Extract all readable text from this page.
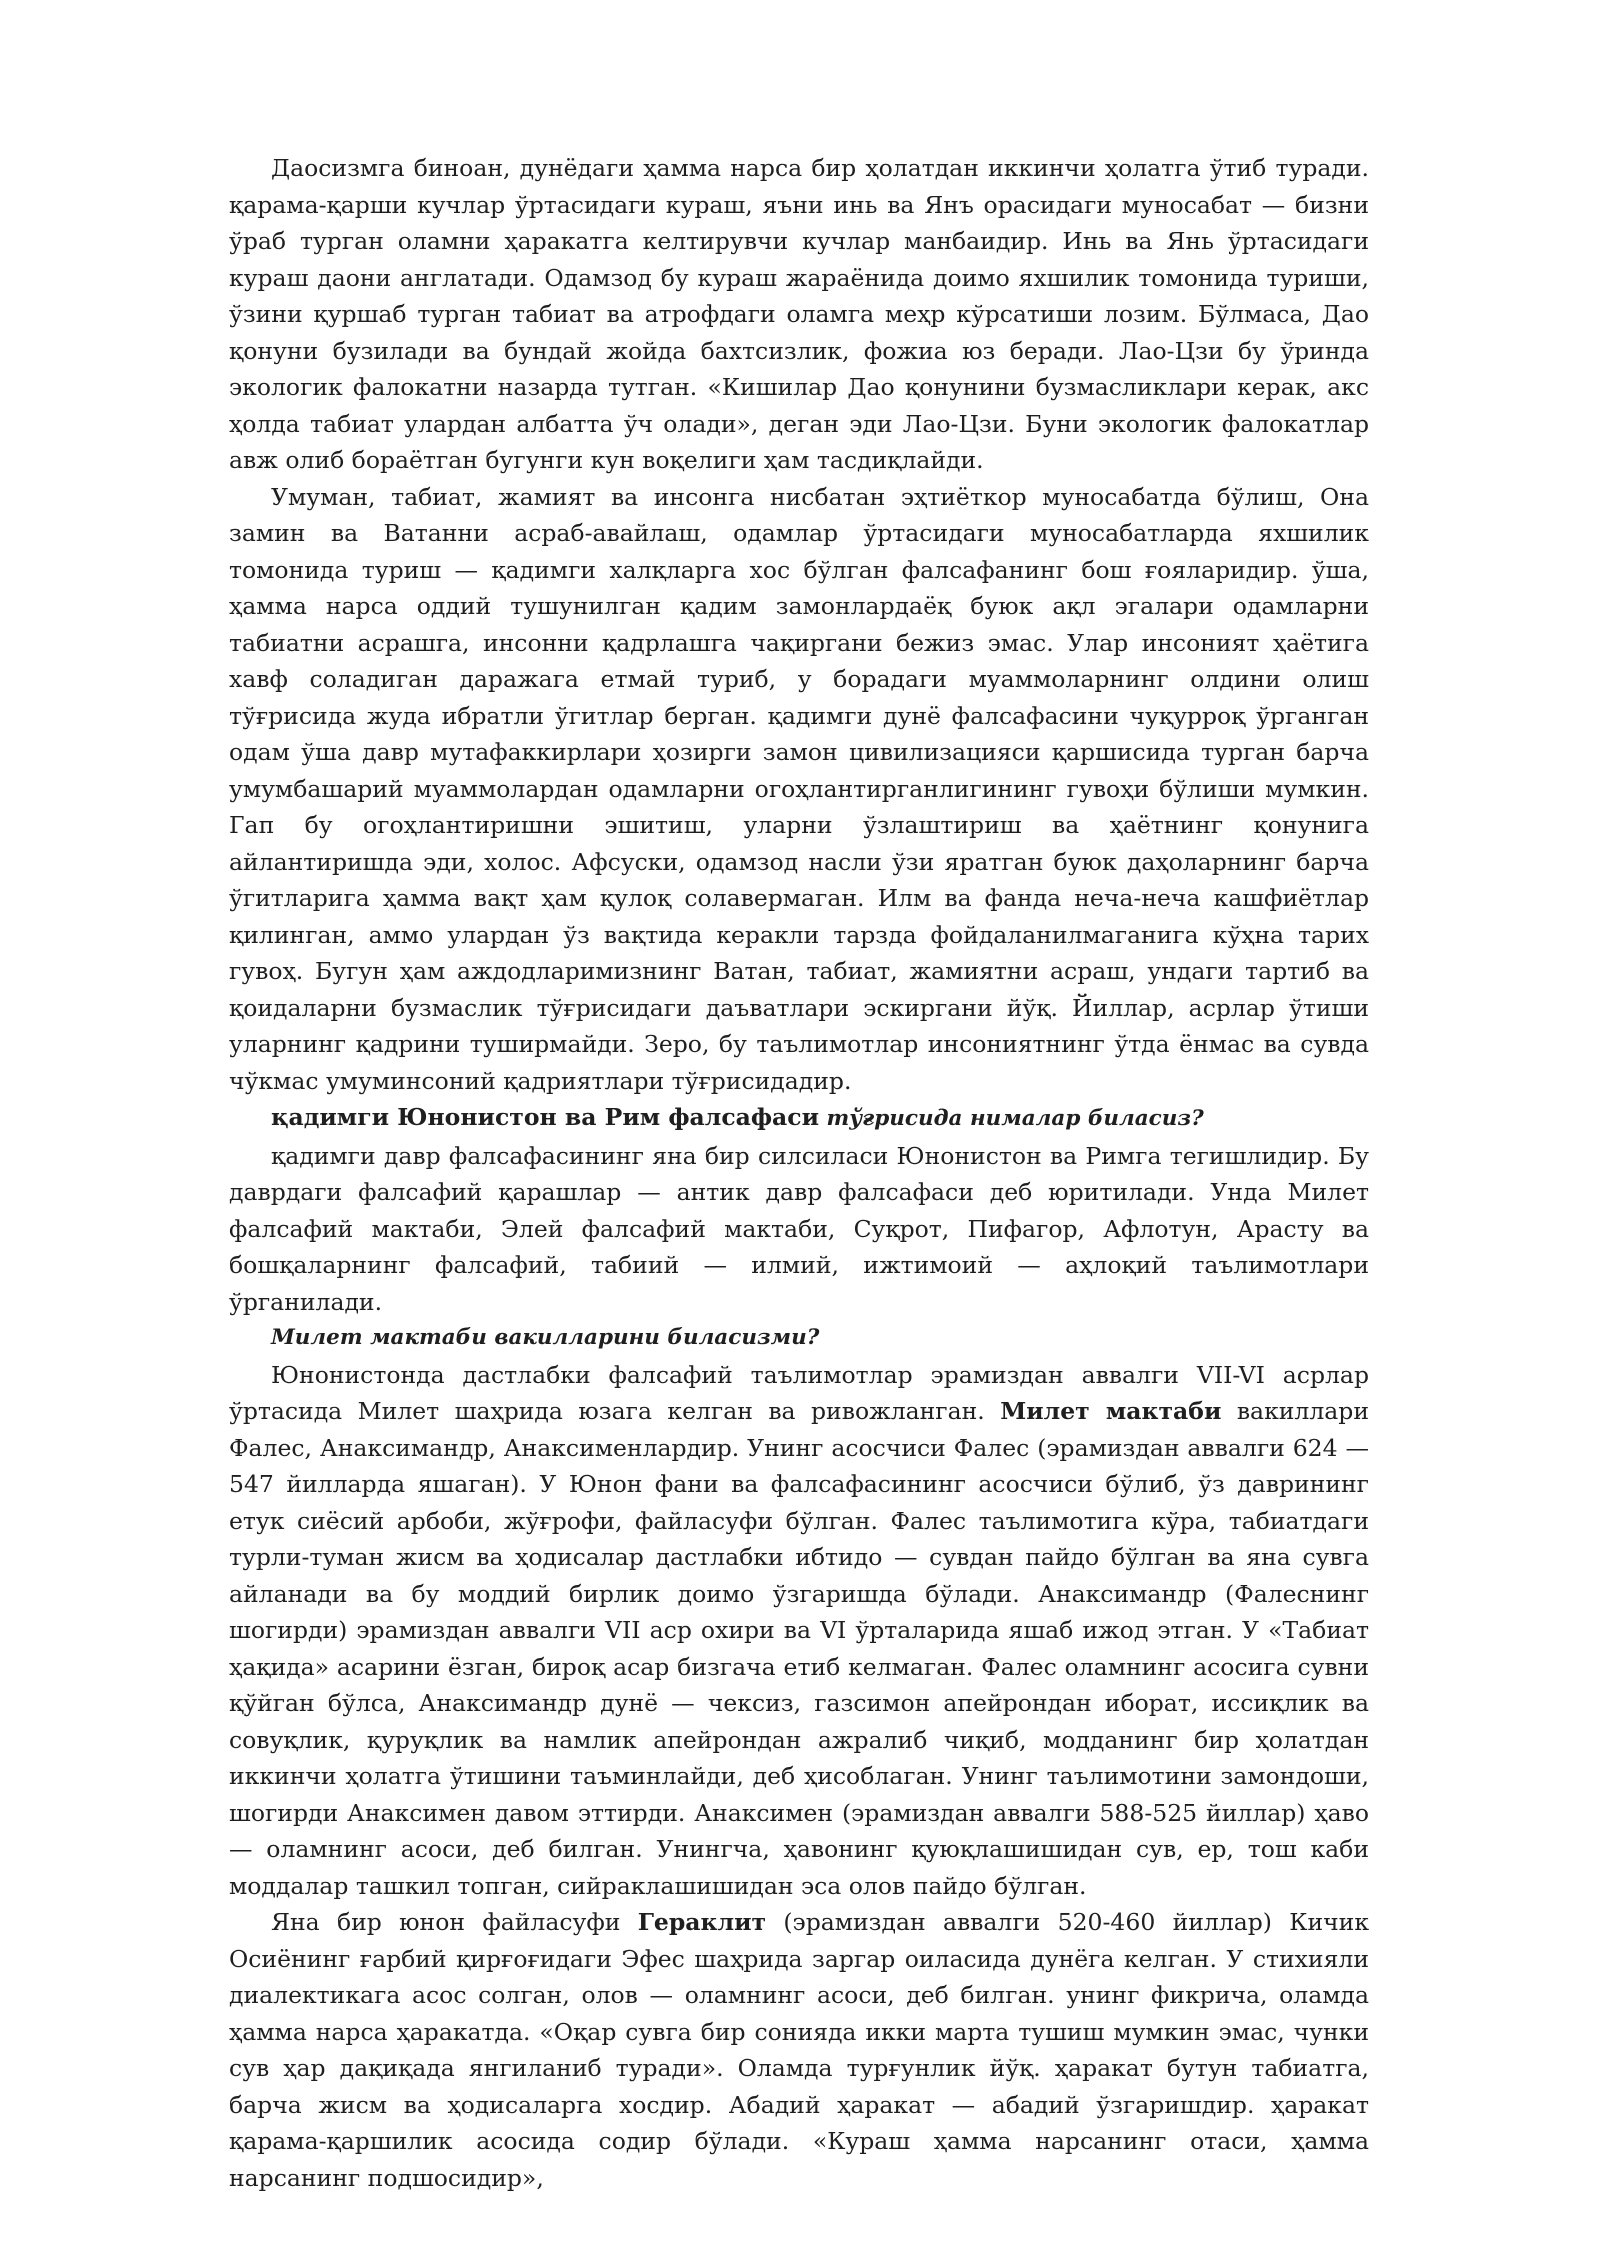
Даосизмга биноан, дунёдаги ҳамма нарса бир ҳолатдан иккинчи ҳолатга ўтиб туради. қарама-қарши кучлар ўртасидаги кураш, яъни инь ва Янъ орасидаги муносабат — бизни ўраб турган оламни ҳаракатга келтирувчи кучлар манбаидир. Инь ва Янь ўртасидаги кураш даони англатади. Одамзод бу кураш жараёнида доимо яхшилик томонида туриши, ўзини қуршаб турган табиат ва атрофдаги оламга меҳр кўрсатиши лозим. Бўлмаса, Дао қонуни бузилади ва бундай жойда бахтсизлик, фожиа юз беради. Лао-Цзи бу ўринда экологик фалокатни назарда тутган. «Кишилар Дао қонунини бузмасликлари керак, акс ҳолда табиат улардан албатта ўч олади», деган эди Лао-Цзи. Буни экологик фалокатлар авж олиб бораётган бугунги кун воқелиги ҳам тасдиқлайди.

Умуман, табиат, жамият ва инсонга нисбатан эҳтиёткор муносабатда бўлиш, Она замин ва Ватанни асраб-авайлаш, одамлар ўртасидаги муносабатларда яхшилик томонида туриш — қадимги халқларга хос бўлган фалсафанинг бош ғояларидир. ўша, ҳамма нарса оддий тушунилган қадим замонлардаёқ буюк ақл эгалари одамларни табиатни асрашга, инсонни қадрлашга чақиргани бежиз эмас. Улар инсоният ҳаётига хавф соладиган даражага етмай туриб, у борадаги муаммоларнинг олдини олиш тўғрисида жуда ибратли ўгитлар берган. қадимги дунё фалсафасини чуқурроқ ўрганган одам ўша давр мутафаккирлари ҳозирги замон цивилизацияси қаршисида турган барча умумбашарий муаммолардан одамларни огоҳлантирганлигининг гувоҳи бўлиши мумкин. Гап бу огоҳлантиришни эшитиш, уларни ўзлаштириш ва ҳаётнинг қонунига айлантиришда эди, холос. Афсуски, одамзод насли ўзи яратган буюк даҳоларнинг барча ўгитларига ҳамма вақт ҳам қулоқ солавермаган. Илм ва фанда неча-неча кашфиётлар қилинган, аммо улардан ўз вақтида керакли тарзда фойдаланилмаганига кўҳна тарих гувоҳ. Бугун ҳам аждодларимизнинг Ватан, табиат, жамиятни асраш, ундаги тартиб ва қоидаларни бузмаслик тўғрисидаги даъватлари эскиргани йўқ. Йиллар, асрлар ўтиши уларнинг қадрини туширмайди. Зеро, бу таълимотлар инсониятнинг ўтда ёнмас ва сувда чўкмас умуминсоний қадриятлари тўғрисидадир.

қадимги Юнонистон ва Рим фалсафаси тўғрисида нималар биласиз?

қадимги давр фалсафасининг яна бир силсиласи Юнонистон ва Римга тегишлидир. Бу даврдаги фалсафий қарашлар — антик давр фалсафаси деб юритилади. Унда Милет фалсафий мактаби, Элей фалсафий мактаби, Суқрот, Пифагор, Афлотун, Арасту ва бошқаларнинг фалсафий, табиий — илмий, ижтимоий — аҳлоқий таълимотлари ўрганилади.

Милет мактаби вакилларини биласизми?

Юнонистонда дастлабки фалсафий таълимотлар эрамиздан аввалги VII-VI асрлар ўртасида Милет шаҳрида юзага келган ва ривожланган. Милет мактаби вакиллари Фалес, Анаксимандр, Анаксименлардир. Унинг асосчиси Фалес (эрамиздан аввалги 624 — 547 йилларда яшаган). У Юнон фани ва фалсафасининг асосчиси бўлиб, ўз даврининг етук сиёсий арбоби, жўғрофи, файласуфи бўлган. Фалес таълимотига кўра, табиатдаги турли-туман жисм ва ҳодисалар дастлабки ибтидо — сувдан пайдо бўлган ва яна сувга айланади ва бу моддий бирлик доимо ўзгаришда бўлади. Анаксимандр (Фалеснинг шогирди) эрамиздан аввалги VII аср охири ва VI ўрталарида яшаб ижод этган. У «Табиат ҳақида» асарини ёзган, бироқ асар бизгача етиб келмаган. Фалес оламнинг асосига сувни қўйган бўлса, Анаксимандр дунё — чексиз, газсимон апейрондан иборат, иссиқлик ва совуқлик, қуруқлик ва намлик апейрондан ажралиб чиқиб, модданинг бир ҳолатдан иккинчи ҳолатга ўтишини таъминлайди, деб ҳисоблаган. Унинг таълимотини замондоши, шогирди Анаксимен давом эттирди. Анаксимен (эрамиздан аввалги 588-525 йиллар) ҳаво — оламнинг асоси, деб билган. Унингча, ҳавонинг қуюқлашишидан сув, ер, тош каби моддалар ташкил топган, сийраклашишидан эса олов пайдо бўлган.

Яна бир юнон файласуфи Гераклит (эрамиздан аввалги 520-460 йиллар) Кичик Осиёнинг ғарбий қирғоғидаги Эфес шаҳрида заргар оиласида дунёга келган. У стихияли диалектикага асос солган, олов — оламнинг асоси, деб билган. унинг фикрича, оламда ҳамма нарса ҳаракатда. «Оқар сувга бир сонияда икки марта тушиш мумкин эмас, чунки сув ҳар дақиқада янгиланиб туради». Оламда турғунлик йўқ. ҳаракат бутун табиатга, барча жисм ва ҳодисаларга хосдир. Абадий ҳаракат — абадий ўзгаришдир. ҳаракат қарама-қаршилик асосида содир бўлади. «Кураш ҳамма нарсанинг отаси, ҳамма нарсанинг подшосидир»,
